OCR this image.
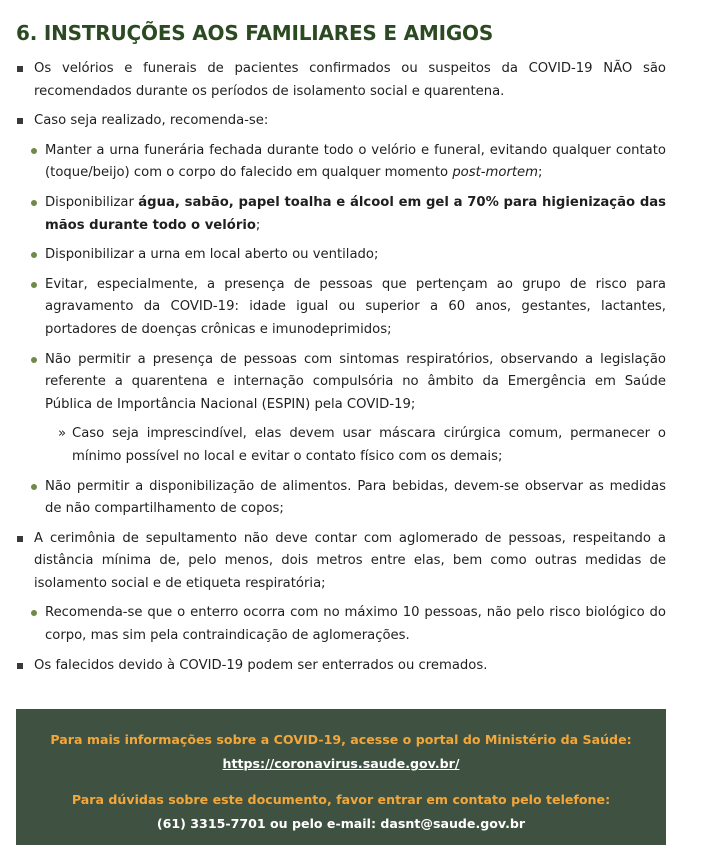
6. INSTRUÇÕES AOS FAMILIARES E AMIGOS
Os velórios e funerais de pacientes confirmados ou suspeitos da COVID-19 NÃO são recomendados durante os períodos de isolamento social e quarentena.
Caso seja realizado, recomenda-se:
Manter a urna funerária fechada durante todo o velório e funeral, evitando qualquer contato (toque/beijo) com o corpo do falecido em qualquer momento post-mortem;
Disponibilizar água, sabão, papel toalha e álcool em gel a 70% para higienização das mãos durante todo o velório;
Disponibilizar a urna em local aberto ou ventilado;
Evitar, especialmente, a presença de pessoas que pertençam ao grupo de risco para agravamento da COVID-19: idade igual ou superior a 60 anos, gestantes, lactantes, portadores de doenças crônicas e imunodeprimidos;
Não permitir a presença de pessoas com sintomas respiratórios, observando a legislação referente a quarentena e internação compulsória no âmbito da Emergência em Saúde Pública de Importância Nacional (ESPIN) pela COVID-19;
» Caso seja imprescindível, elas devem usar máscara cirúrgica comum, permanecer o mínimo possível no local e evitar o contato físico com os demais;
Não permitir a disponibilização de alimentos. Para bebidas, devem-se observar as medidas de não compartilhamento de copos;
A cerimônia de sepultamento não deve contar com aglomerado de pessoas, respeitando a distância mínima de, pelo menos, dois metros entre elas, bem como outras medidas de isolamento social e de etiqueta respiratória;
Recomenda-se que o enterro ocorra com no máximo 10 pessoas, não pelo risco biológico do corpo, mas sim pela contraindicação de aglomerações.
Os falecidos devido à COVID-19 podem ser enterrados ou cremados.
Para mais informações sobre a COVID-19, acesse o portal do Ministério da Saúde:
https://coronavirus.saude.gov.br/
Para dúvidas sobre este documento, favor entrar em contato pelo telefone:
(61) 3315-7701 ou pelo e-mail: dasnt@saude.gov.br
